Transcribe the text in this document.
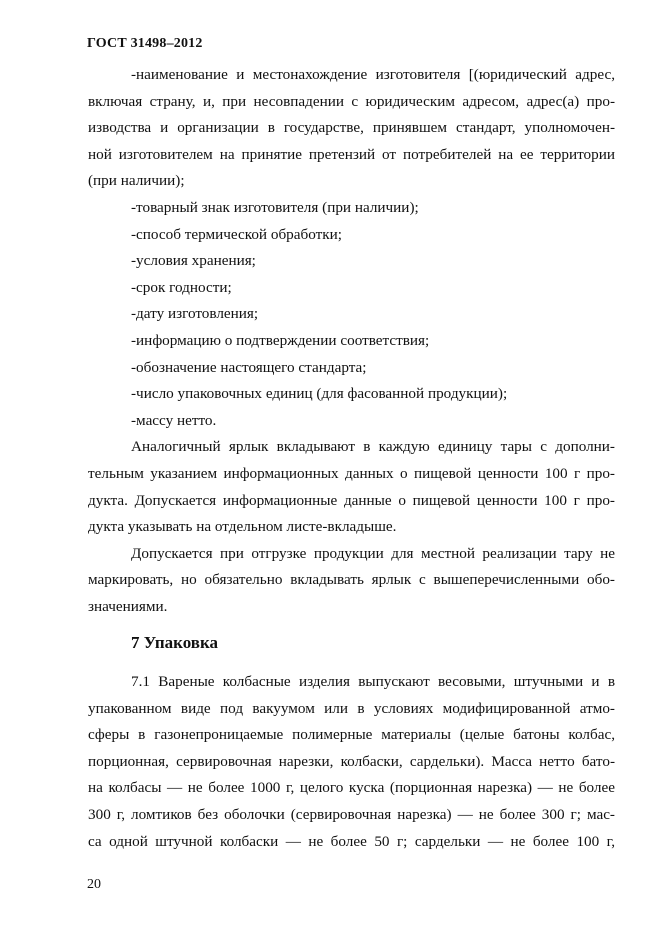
ГОСТ 31498–2012
-наименование и местонахождение изготовителя [(юридический адрес,
включая страну, и, при несовпадении с юридическим адресом, адрес(а) про-
изводства и организации в государстве, принявшем стандарт, уполномочен-
ной изготовителем на принятие претензий от потребителей на ее территории
(при наличии);
-товарный знак изготовителя (при наличии);
-способ термической обработки;
-условия хранения;
-срок годности;
-дату изготовления;
-информацию о подтверждении соответствия;
-обозначение настоящего стандарта;
-число упаковочных единиц (для фасованной продукции);
-массу нетто.
Аналогичный ярлык вкладывают в каждую единицу тары с дополни-
тельным указанием информационных данных о пищевой ценности 100 г про-
дукта. Допускается информационные данные о пищевой ценности 100 г про-
дукта указывать на отдельном листе-вкладыше.
Допускается при отгрузке продукции для местной реализации тару не
маркировать, но обязательно вкладывать ярлык с вышеперечисленными обо-
значениями.
7 Упаковка
7.1 Вареные колбасные изделия выпускают весовыми, штучными и в
упакованном виде под вакуумом или в условиях модифицированной атмо-
сферы в газонепроницаемые полимерные материалы (целые батоны колбас,
порционная, сервировочная нарезки, колбаски, сардельки). Масса нетто бато-
на колбасы — не более 1000 г, целого куска (порционная нарезка) — не более
300 г, ломтиков без оболочки (сервировочная нарезка) — не более 300 г; мас-
са одной штучной колбаски — не более 50 г; сардельки — не более 100 г,
20
